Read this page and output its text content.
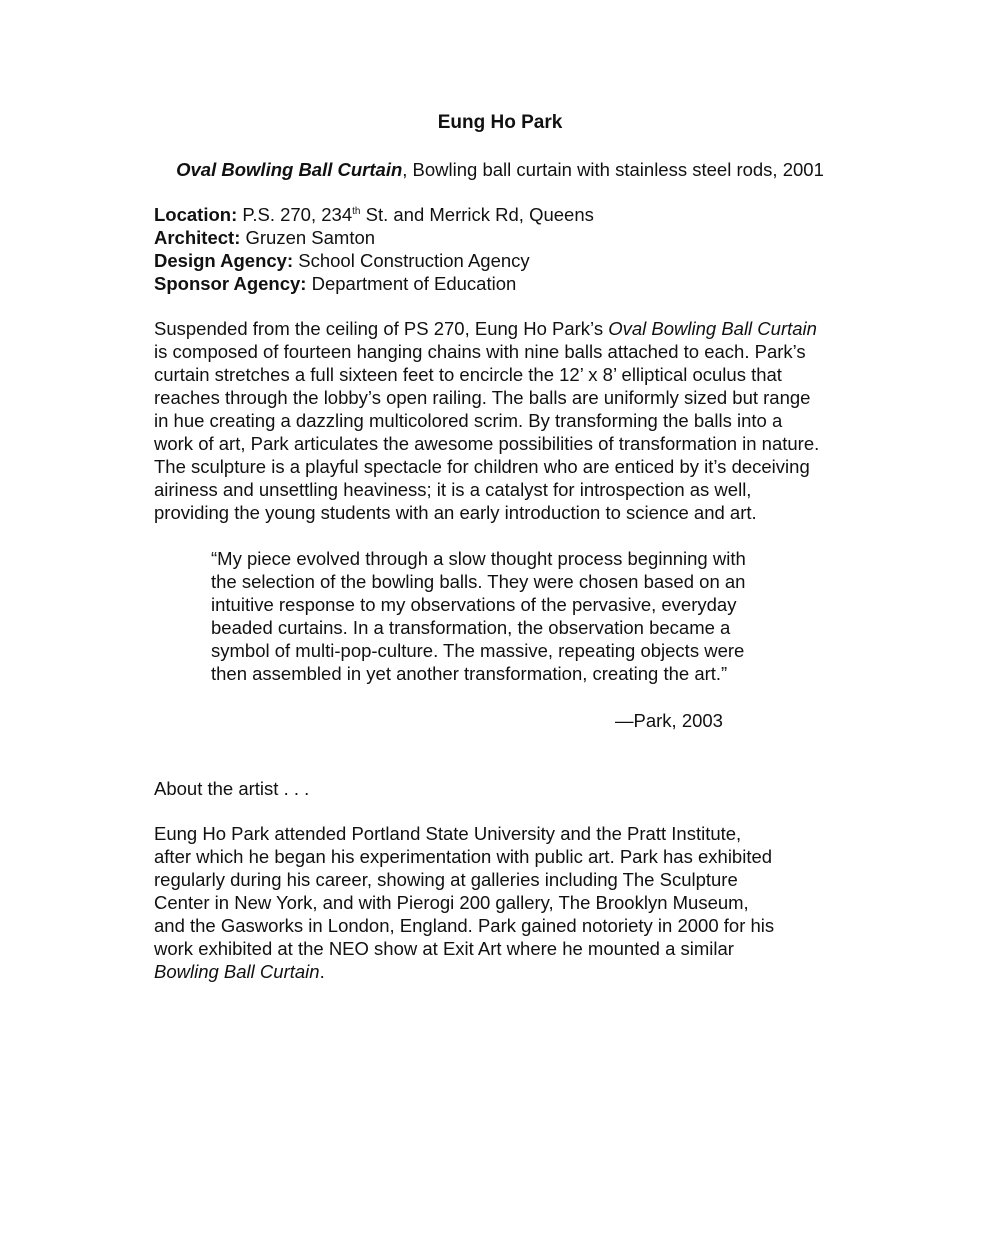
Eung Ho Park
Oval Bowling Ball Curtain, Bowling ball curtain with stainless steel rods, 2001
Location: P.S. 270, 234th St. and Merrick Rd, Queens
Architect: Gruzen Samton
Design Agency: School Construction Agency
Sponsor Agency: Department of Education
Suspended from the ceiling of PS 270, Eung Ho Park’s Oval Bowling Ball Curtain
is composed of fourteen hanging chains with nine balls attached to each. Park’s
curtain stretches a full sixteen feet to encircle the 12’ x 8’ elliptical oculus that
reaches through the lobby’s open railing. The balls are uniformly sized but range
in hue creating a dazzling multicolored scrim. By transforming the balls into a
work of art, Park articulates the awesome possibilities of transformation in nature.
The sculpture is a playful spectacle for children who are enticed by it’s deceiving
airiness and unsettling heaviness; it is a catalyst for introspection as well,
providing the young students with an early introduction to science and art.
“My piece evolved through a slow thought process beginning with
the selection of the bowling balls. They were chosen based on an
intuitive response to my observations of the pervasive, everyday
beaded curtains. In a transformation, the observation became a
symbol of multi-pop-culture. The massive, repeating objects were
then assembled in yet another transformation, creating the art.”
—Park, 2003
About the artist . . .
Eung Ho Park attended Portland State University and the Pratt Institute,
after which he began his experimentation with public art. Park has exhibited
regularly during his career, showing at galleries including The Sculpture
Center in New York, and with Pierogi 200 gallery, The Brooklyn Museum,
and the Gasworks in London, England. Park gained notoriety in 2000 for his
work exhibited at the NEO show at Exit Art where he mounted a similar
Bowling Ball Curtain.
